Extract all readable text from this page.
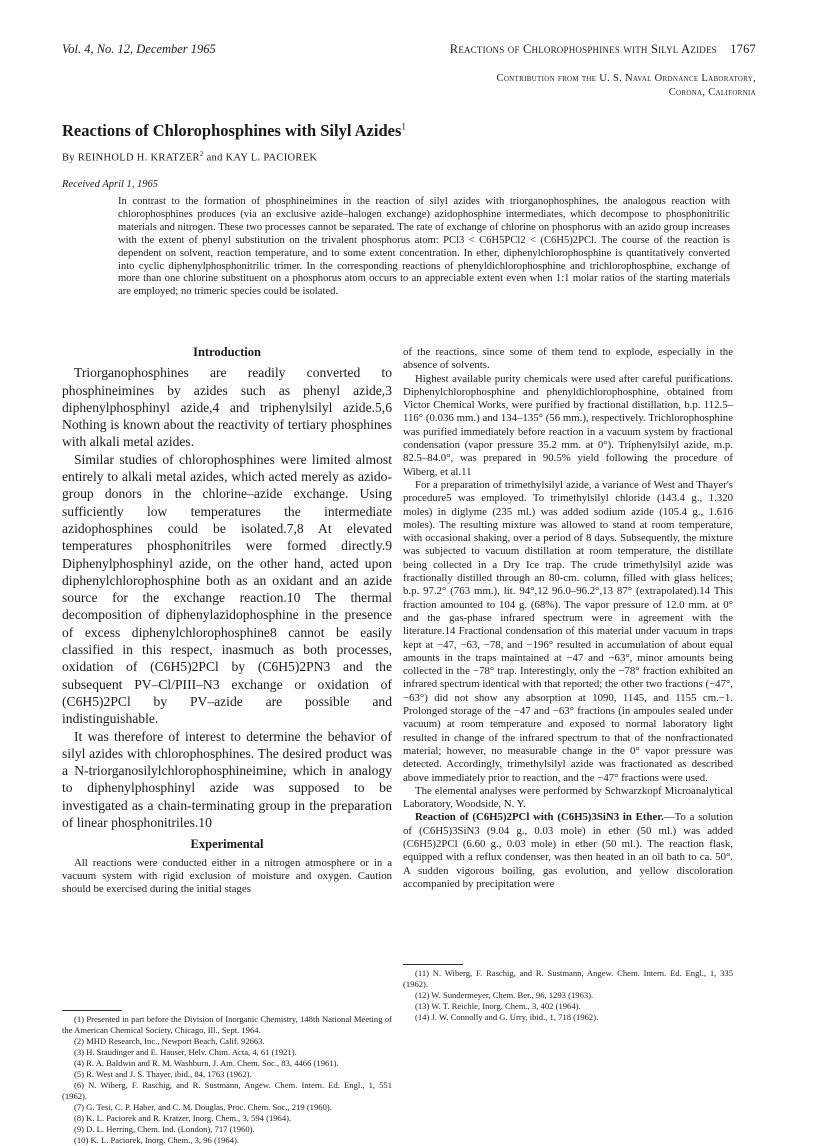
Vol. 4, No. 12, December 1965	Reactions of Chlorophosphines with Silyl Azides 1767
Contribution from the U. S. Naval Ordnance Laboratory,
Corona, California
Reactions of Chlorophosphines with Silyl Azides$^1$
By REINHOLD H. KRATZER$^2$ and KAY L. PACIOREK
Received April 1, 1965
In contrast to the formation of phosphineimines in the reaction of silyl azides with triorganophosphines, the analogous reaction with chlorophosphines produces (via an exclusive azide–halogen exchange) azidophosphine intermediates, which decompose to phosphonitrilic materials and nitrogen. These two processes cannot be separated. The rate of exchange of chlorine on phosphorus with an azido group increases with the extent of phenyl substitution on the trivalent phosphorus atom: PCl3 < C6H5PCl2 < (C6H5)2PCl. The course of the reaction is dependent on solvent, reaction temperature, and to some extent concentration. In ether, diphenylchlorophosphine is quantitatively converted into cyclic diphenylphosphonitrilic trimer. In the corresponding reactions of phenyldichlorophosphine and trichlorophosphine, exchange of more than one chlorine substituent on a phosphorus atom occurs to an appreciable extent even when 1:1 molar ratios of the starting materials are employed; no trimeric species could be isolated.
Introduction

Triorganophosphines are readily converted to phosphineimines by azides such as phenyl azide,3 diphenylphosphinyl azide,4 and triphenylsilyl azide.5,6 Nothing is known about the reactivity of tertiary phosphines with alkali metal azides.

Similar studies of chlorophosphines were limited almost entirely to alkali metal azides, which acted merely as azido-group donors in the chlorine–azide exchange. Using sufficiently low temperatures the intermediate azidophosphines could be isolated.7,8 At elevated temperatures phosphonitriles were formed directly.9 Diphenylphosphinyl azide, on the other hand, acted upon diphenylchlorophosphine both as an oxidant and an azide source for the exchange reaction.10 The thermal decomposition of diphenylazidophosphine in the presence of excess diphenylchlorophosphine8 cannot be easily classified in this respect, inasmuch as both processes, oxidation of (C6H5)2PCl by (C6H5)2PN3 and the subsequent PV–Cl/PIII–N3 exchange or oxidation of (C6H5)2PCl by PV–azide are possible and indistinguishable.

It was therefore of interest to determine the behavior of silyl azides with chlorophosphines. The desired product was a N-triorganosilylchlorophosphineimine, which in analogy to diphenylphosphinyl azide was supposed to be investigated as a chain-terminating group in the preparation of linear phosphonitriles.10

Experimental

All reactions were conducted either in a nitrogen atmosphere or in a vacuum system with rigid exclusion of moisture and oxygen. Caution should be exercised during the initial stages

(1) Presented in part before the Division of Inorganic Chemistry, 148th National Meeting of the American Chemical Society, Chicago, Ill., Sept. 1964.
(2) MHD Research, Inc., Newport Beach, Calif. 92663.
(3) H. Staudinger and E. Hauser, Helv. Chim. Acta, 4, 61 (1921).
(4) R. A. Baldwin and R. M. Washburn, J. Am. Chem. Soc., 83, 4466 (1961).
(5) R. West and J. S. Thayer, ibid., 84, 1763 (1962).
(6) N. Wiberg, F. Raschig, and R. Sustmann, Angew. Chem. Intern. Ed. Engl., 1, 551 (1962).
(7) G. Tesi, C. P. Haber, and C. M. Douglas, Proc. Chem. Soc., 219 (1960).
(8) K. L. Paciorek and R. Kratzer, Inorg. Chem., 3, 594 (1964).
(9) D. L. Herring, Chem. Ind. (London), 717 (1960).
(10) K. L. Paciorek, Inorg. Chem., 3, 96 (1964).

of the reactions, since some of them tend to explode, especially in the absence of solvents.

Highest available purity chemicals were used after careful purifications. Diphenylchlorophosphine and phenyldichlorophosphine, obtained from Victor Chemical Works, were purified by fractional distillation, b.p. 112.5–116° (0.036 mm.) and 134–135° (56 mm.), respectively. Trichlorophosphine was purified immediately before reaction in a vacuum system by fractional condensation (vapor pressure 35.2 mm. at 0°). Triphenylsilyl azide, m.p. 82.5–84.0°, was prepared in 90.5% yield following the procedure of Wiberg, et al.11

For a preparation of trimethylsilyl azide, a variance of West and Thayer's procedure5 was employed. To trimethylsilyl chloride (143.4 g., 1.320 moles) in diglyme (235 ml.) was added sodium azide (105.4 g., 1.616 moles). The resulting mixture was allowed to stand at room temperature, with occasional shaking, over a period of 8 days. Subsequently, the mixture was subjected to vacuum distillation at room temperature, the distillate being collected in a Dry Ice trap. The crude trimethylsilyl azide was fractionally distilled through an 80-cm. column, filled with glass helices; b.p. 97.2° (763 mm.), lit. 94°,12 96.0–96.2°,13 87° (extrapolated).14 This fraction amounted to 104 g. (68%). The vapor pressure of 12.0 mm. at 0° and the gas-phase infrared spectrum were in agreement with the literature.14 Fractional condensation of this material under vacuum in traps kept at −47, −63, −78, and −196° resulted in accumulation of about equal amounts in the traps maintained at −47 and −63°, minor amounts being collected in the −78° trap. Interestingly, only the −78° fraction exhibited an infrared spectrum identical with that reported; the other two fractions (−47°, −63°) did not show any absorption at 1090, 1145, and 1155 cm.−1. Prolonged storage of the −47 and −63° fractions (in ampoules sealed under vacuum) at room temperature and exposed to normal laboratory light resulted in change of the infrared spectrum to that of the nonfractionated material; however, no measurable change in the 0° vapor pressure was detected. Accordingly, trimethylsilyl azide was fractionated as described above immediately prior to reaction, and the −47° fractions were used.

The elemental analyses were performed by Schwarzkopf Microanalytical Laboratory, Woodside, N. Y.

Reaction of (C6H5)2PCl with (C6H5)3SiN3 in Ether.—To a solution of (C6H5)3SiN3 (9.04 g., 0.03 mole) in ether (50 ml.) was added (C6H5)2PCl (6.60 g., 0.03 mole) in ether (50 ml.). The reaction flask, equipped with a reflux condenser, was then heated in an oil bath to ca. 50°. A sudden vigorous boiling, gas evolution, and yellow discoloration accompanied by precipitation were

(11) N. Wiberg, F. Raschig, and R. Sustmann, Angew. Chem. Intern. Ed. Engl., 1, 335 (1962).
(12) W. Sundermeyer, Chem. Ber., 96, 1293 (1963).
(13) W. T. Reichle, Inorg. Chem., 3, 402 (1964).
(14) J. W. Connolly and G. Urry, ibid., 1, 718 (1962).
